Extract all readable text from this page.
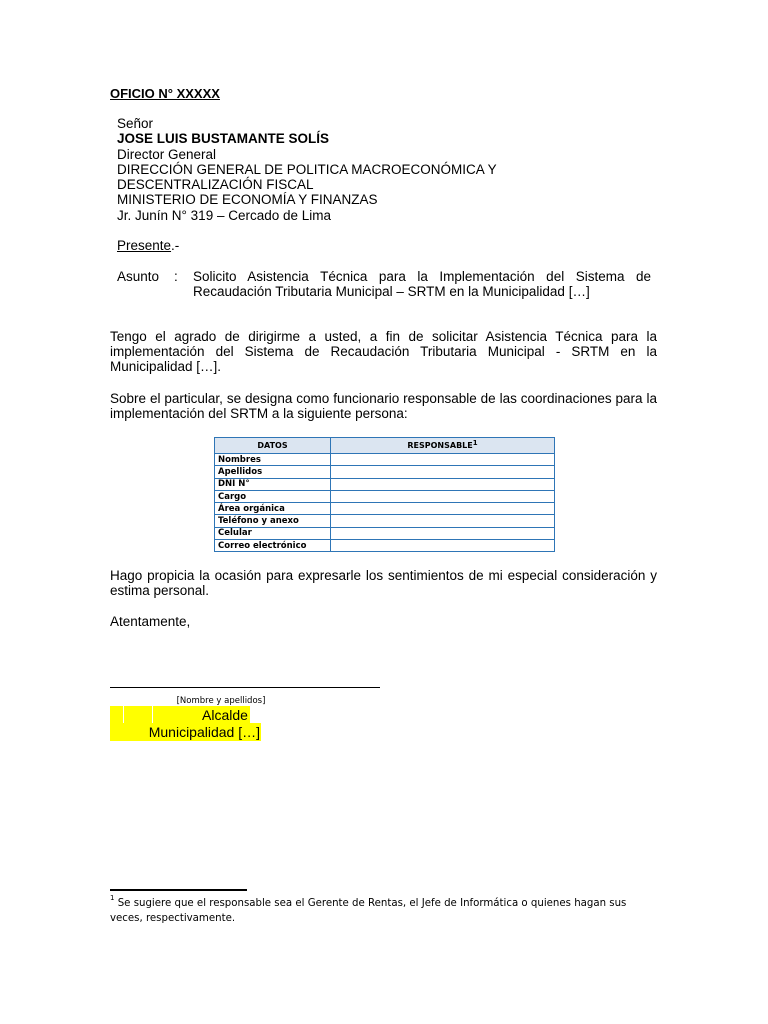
OFICIO N° XXXXX
Señor
JOSE LUIS BUSTAMANTE SOLÍS
Director General
DIRECCIÓN GENERAL DE POLITICA MACROECONÓMICA Y
DESCENTRALIZACIÓN FISCAL
MINISTERIO DE ECONOMÍA Y FINANZAS
Jr. Junín N° 319 – Cercado de Lima
Presente.-
Asunto : Solicito Asistencia Técnica para la Implementación del Sistema de Recaudación Tributaria Municipal – SRTM en la Municipalidad […]
Tengo el agrado de dirigirme a usted, a fin de solicitar Asistencia Técnica para la implementación del Sistema de Recaudación Tributaria Municipal - SRTM en la Municipalidad […].
Sobre el particular, se designa como funcionario responsable de las coordinaciones para la implementación del SRTM a la siguiente persona:
DATOS	RESPONSABLE$^1$
Nombres	
Apellidos	
DNI N°	
Cargo	
Área orgánica	
Teléfono y anexo	
Celular	
Correo electrónico	
Hago propicia la ocasión para expresarle los sentimientos de mi especial consideración y estima personal.
Atentamente,
[Nombre y apellidos]
Alcalde
Municipalidad […]
$^1$ Se sugiere que el responsable sea el Gerente de Rentas, el Jefe de Informática o quienes hagan sus veces, respectivamente.
